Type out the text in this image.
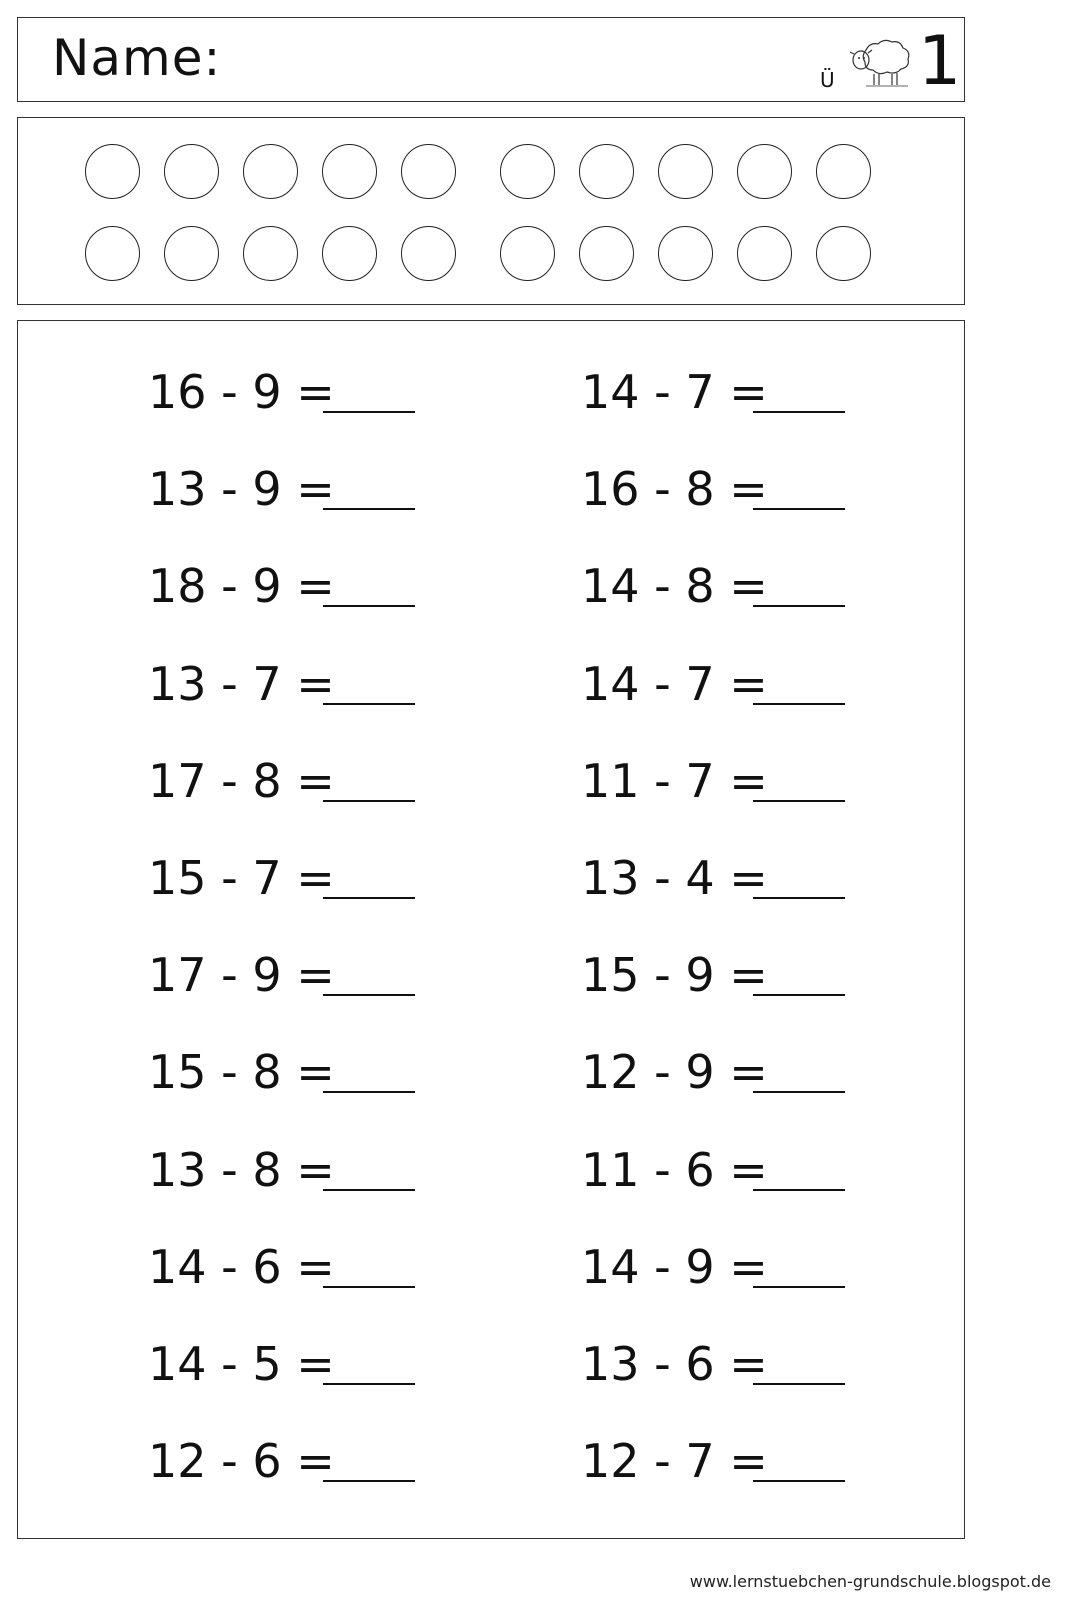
Name:	Ü 1
16 - 9 =
13 - 9 =
18 - 9 =
13 - 7 =
17 - 8 =
15 - 7 =
17 - 9 =
15 - 8 =
13 - 8 =
14 - 6 =
14 - 5 =
12 - 6 =
14 - 7 =
16 - 8 =
14 - 8 =
14 - 7 =
11 - 7 =
13 - 4 =
15 - 9 =
12 - 9 =
11 - 6 =
14 - 9 =
13 - 6 =
12 - 7 =
www.lernstuebchen-grundschule.blogspot.de
